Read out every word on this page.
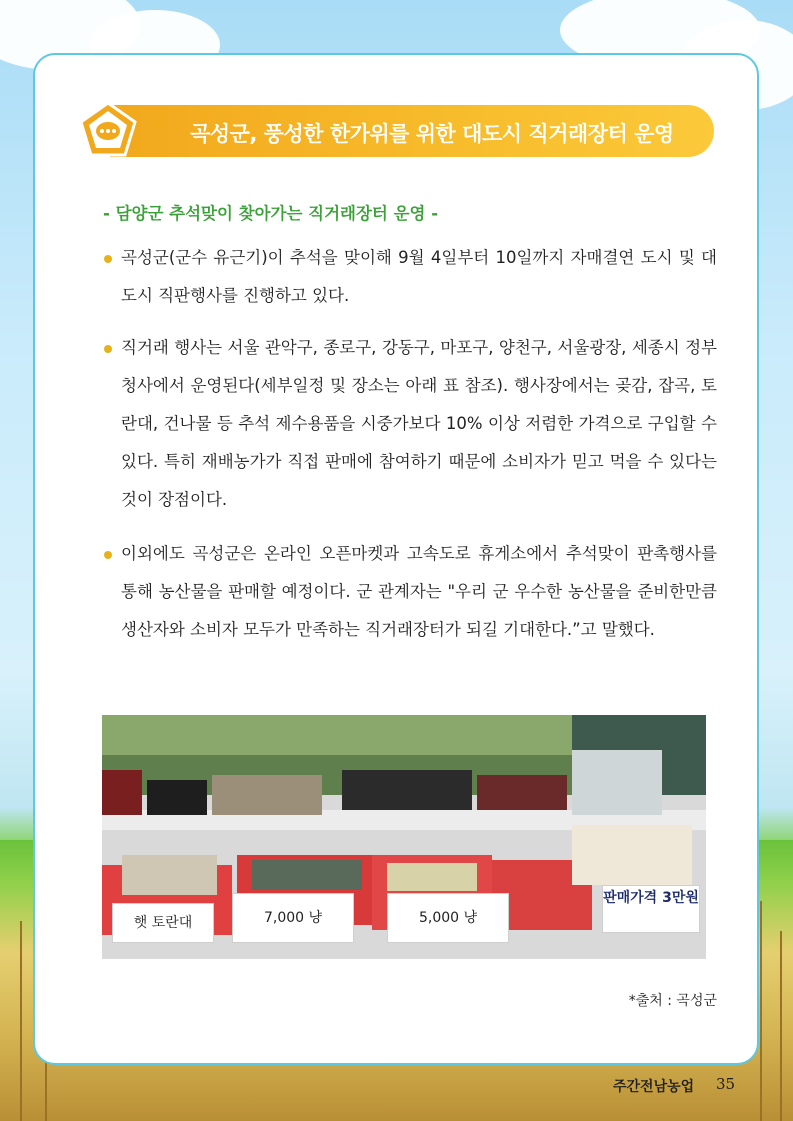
곡성군, 풍성한 한가위를 위한 대도시 직거래장터 운영
- 담양군 추석맞이 찾아가는 직거래장터 운영 -

곡성군(군수 유근기)이 추석을 맞이해 9월 4일부터 10일까지 자매결연 도시 및 대도시 직판행사를 진행하고 있다.

직거래 행사는 서울 관악구, 종로구, 강동구, 마포구, 양천구, 서울광장, 세종시 정부청사에서 운영된다(세부일정 및 장소는 아래 표 참조). 행사장에서는 곶감, 잡곡, 토란대, 건나물 등 추석 제수용품을 시중가보다 10% 이상 저렴한 가격으로 구입할 수 있다. 특히 재배농가가 직접 판매에 참여하기 때문에 소비자가 믿고 먹을 수 있다는 것이 장점이다.

이외에도 곡성군은 온라인 오픈마켓과 고속도로 휴게소에서 추석맞이 판촉행사를 통해 농산물을 판매할 예정이다. 군 관계자는 "우리 군 우수한 농산물을 준비한만큼 생산자와 소비자 모두가 만족하는 직거래장터가 되길 기대한다.”고 말했다.

햇 토란대	7,000 냥	5,000 냥
판매가격 3만원
*출처 : 곡성군
주간전남농업 35
